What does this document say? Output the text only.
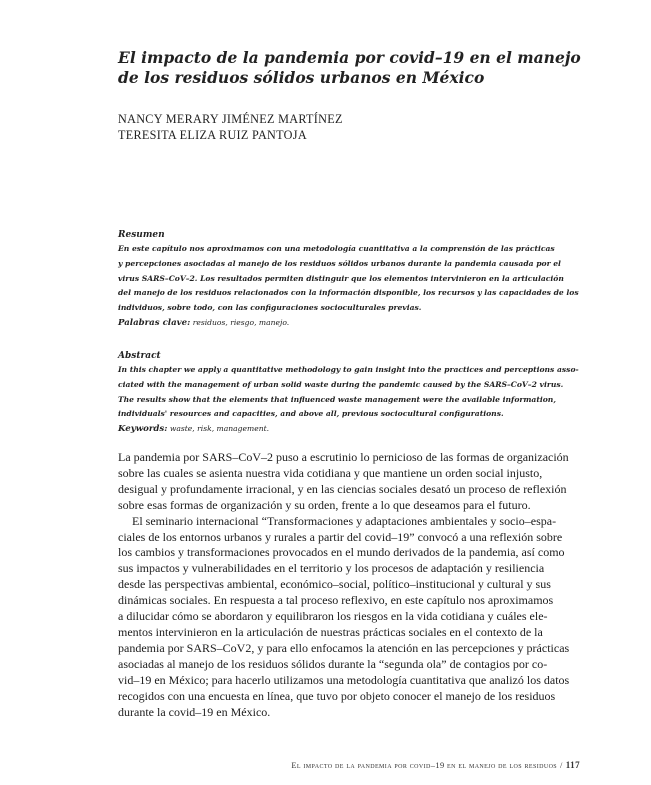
El impacto de la pandemia por covid–19 en el manejo
de los residuos sólidos urbanos en México
NANCY MERARY JIMÉNEZ MARTÍNEZ
TERESITA ELIZA RUIZ PANTOJA
Resumen
En este capítulo nos aproximamos con una metodología cuantitativa a la comprensión de las prácticas
y percepciones asociadas al manejo de los residuos sólidos urbanos durante la pandemia causada por el
virus SARS–CoV–2. Los resultados permiten distinguir que los elementos intervinieron en la articulación
del manejo de los residuos relacionados con la información disponible, los recursos y las capacidades de los
individuos, sobre todo, con las configuraciones socioculturales previas.
Palabras clave: residuos, riesgo, manejo.
Abstract
In this chapter we apply a quantitative methodology to gain insight into the practices and perceptions asso-
ciated with the management of urban solid waste during the pandemic caused by the SARS–CoV–2 virus.
The results show that the elements that influenced waste management were the available information,
individuals' resources and capacities, and above all, previous sociocultural configurations.
Keywords: waste, risk, management.
La pandemia por SARS–CoV–2 puso a escrutinio lo pernicioso de las formas de organización
sobre las cuales se asienta nuestra vida cotidiana y que mantiene un orden social injusto,
desigual y profundamente irracional, y en las ciencias sociales desató un proceso de reflexión
sobre esas formas de organización y su orden, frente a lo que deseamos para el futuro.
El seminario internacional “Transformaciones y adaptaciones ambientales y socio–espa-
ciales de los entornos urbanos y rurales a partir del covid–19” convocó a una reflexión sobre
los cambios y transformaciones provocados en el mundo derivados de la pandemia, así como
sus impactos y vulnerabilidades en el territorio y los procesos de adaptación y resiliencia
desde las perspectivas ambiental, económico–social, político–institucional y cultural y sus
dinámicas sociales. En respuesta a tal proceso reflexivo, en este capítulo nos aproximamos
a dilucidar cómo se abordaron y equilibraron los riesgos en la vida cotidiana y cuáles ele-
mentos intervinieron en la articulación de nuestras prácticas sociales en el contexto de la
pandemia por SARS–CoV2, y para ello enfocamos la atención en las percepciones y prácticas
asociadas al manejo de los residuos sólidos durante la “segunda ola” de contagios por co-
vid–19 en México; para hacerlo utilizamos una metodología cuantitativa que analizó los datos
recogidos con una encuesta en línea, que tuvo por objeto conocer el manejo de los residuos
durante la covid–19 en México.
El impacto de la pandemia por covid–19 en el manejo de los residuos / 117
